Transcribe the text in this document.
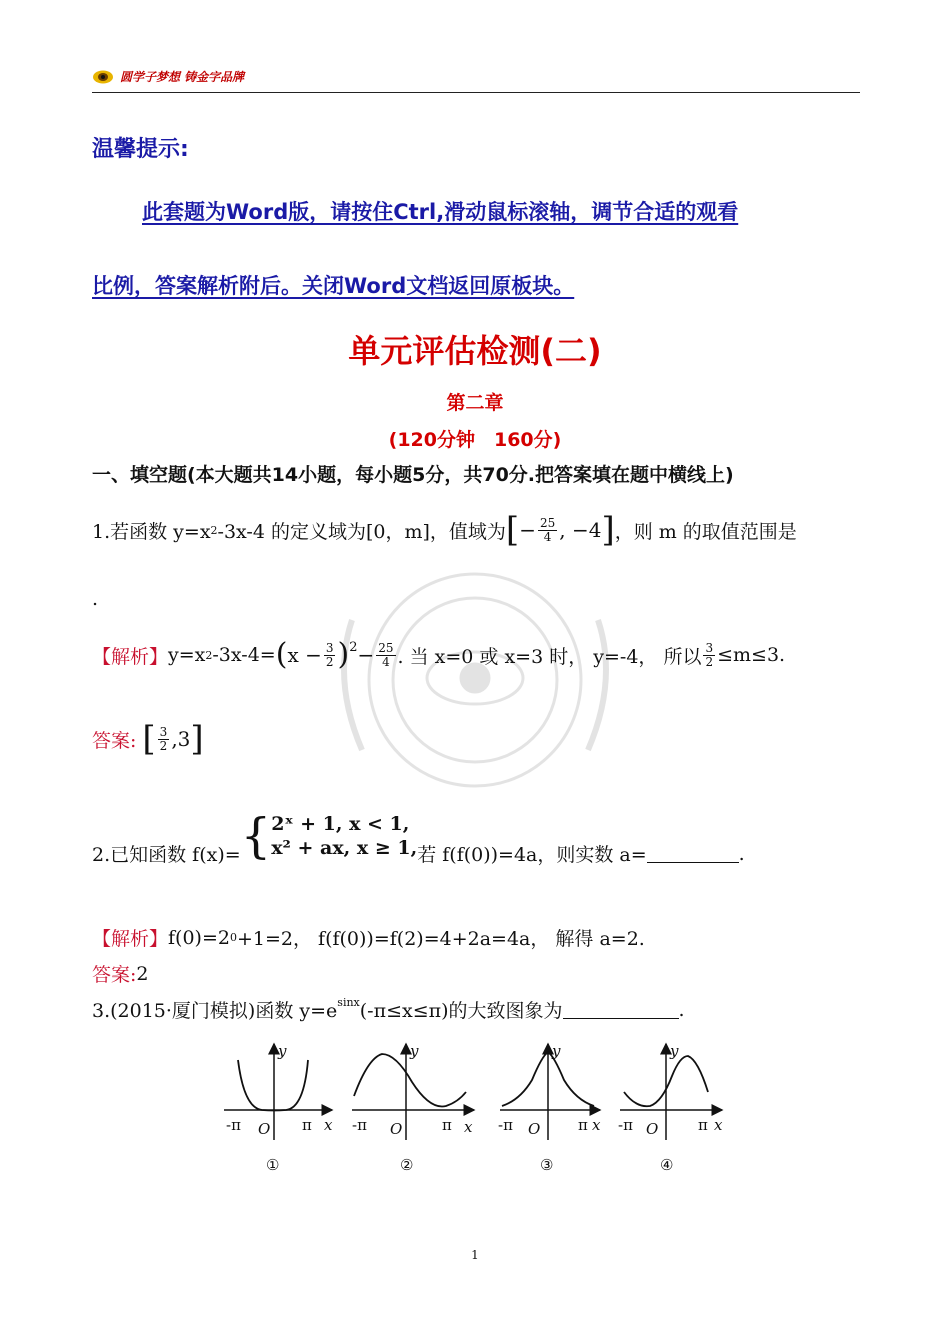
圆学子梦想 铸金字品牌
温馨提示:
此套题为Word版，请按住Ctrl,滑动鼠标滚轴，调节合适的观看
比例，答案解析附后。关闭Word文档返回原板块。
单元评估检测(二)
第二章
(120分钟　160分)
一、填空题(本大题共14小题，每小题5分，共70分.把答案填在题中横线上)
1.若函数 y=x 2 -3x-4 的定义域为[0，m]，值域为 [ − $\frac{25}{4}$ , −4 ] ，则 m 的取值范围是
.
【解析】 y=x 2 -3x-4= ( $x - \frac{3}{2} )^2 - \frac{25}{4}$ . 当 x=0 或 x=3 时， y=-4， 所以 $\frac{3}{2} \le m\le 3$.
答案: [ $\frac{3}{2} ,3$ ]
2.已知函数 f(x)= { 2ˣ + 1, x < 1,
x² + ax, x ≥ 1, 若 f(f(0))=4a，则实数 a=	.
【解析】 f(0)=2 0 +1=2， f(f(0))=f(2)=4+2a=4a， 解得 a=2.
答案: 2
3.(2015·厦门模拟)函数 $y=e^{sinx}$ (-π≤x≤π)的大致图象为	.
y
x
O
-π	π
①
y
x
O
-π	π
②
y
x
O
-π	π
③
y
x
O
-π	π
④
1
